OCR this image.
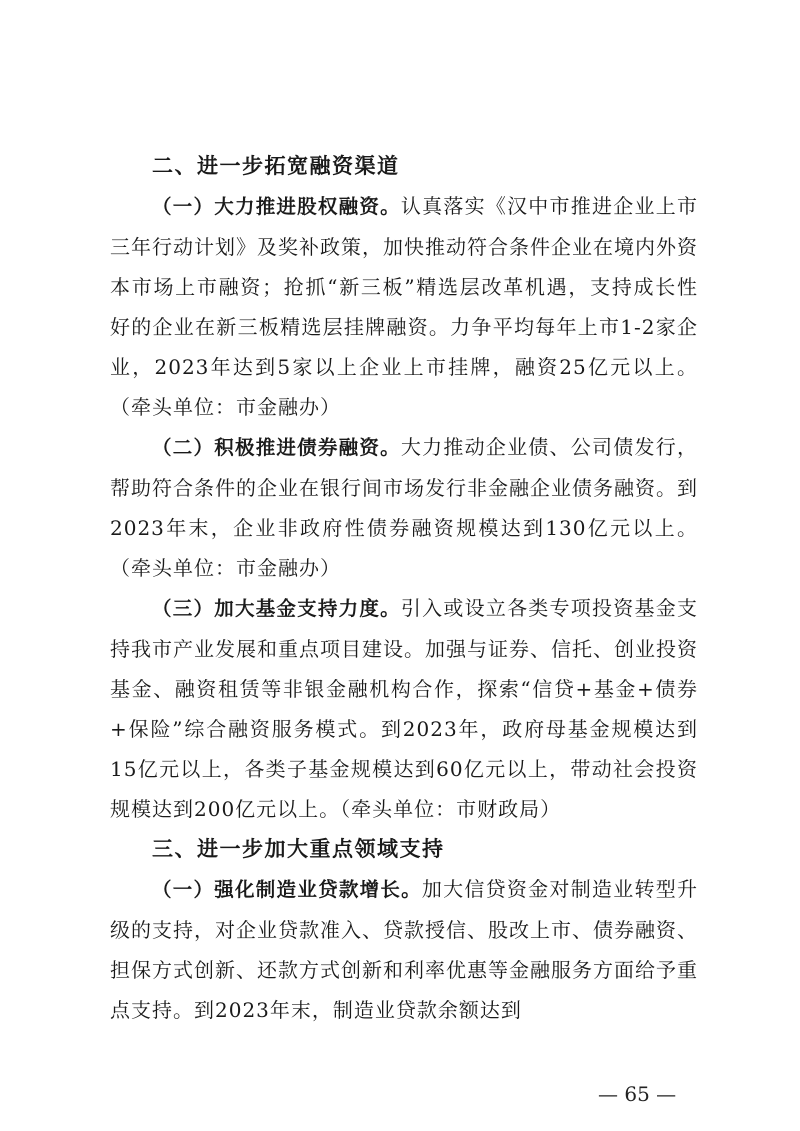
二、进一步拓宽融资渠道

（一）大力推进股权融资。认真落实《汉中市推进企业上市三年行动计划》及奖补政策，加快推动符合条件企业在境内外资本市场上市融资；抢抓“新三板”精选层改革机遇，支持成长性好的企业在新三板精选层挂牌融资。力争平均每年上市1-2家企业，2023年达到5家以上企业上市挂牌，融资25亿元以上。（牵头单位：市金融办）

（二）积极推进债券融资。大力推动企业债、公司债发行，帮助符合条件的企业在银行间市场发行非金融企业债务融资。到2023年末，企业非政府性债券融资规模达到130亿元以上。（牵头单位：市金融办）

（三）加大基金支持力度。引入或设立各类专项投资基金支持我市产业发展和重点项目建设。加强与证券、信托、创业投资基金、融资租赁等非银金融机构合作，探索“信贷+基金+债券+保险”综合融资服务模式。到2023年，政府母基金规模达到15亿元以上，各类子基金规模达到60亿元以上，带动社会投资规模达到200亿元以上。（牵头单位：市财政局）

三、进一步加大重点领域支持

（一）强化制造业贷款增长。加大信贷资金对制造业转型升级的支持，对企业贷款准入、贷款授信、股改上市、债券融资、担保方式创新、还款方式创新和利率优惠等金融服务方面给予重点支持。到2023年末，制造业贷款余额达到

— 65 —
